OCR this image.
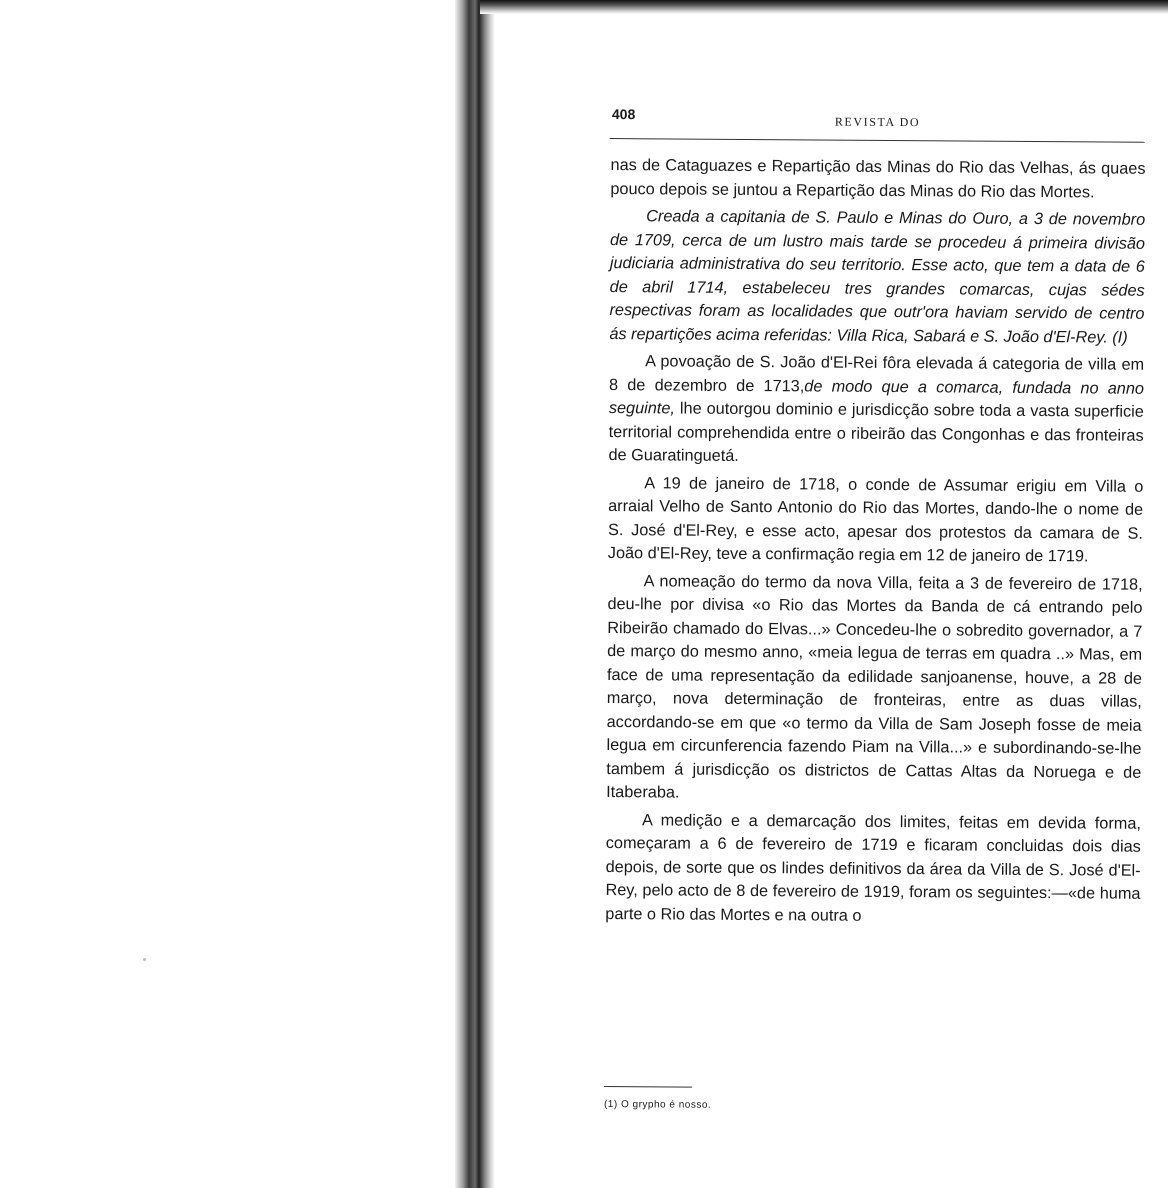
408	REVISTA DO

nas de Cataguazes e Repartição das Minas do Rio das Velhas, ás quaes pouco depois se juntou a Repartição das Minas do Rio das Mortes.

Creada a capitania de S. Paulo e Minas do Ouro, a 3 de novembro de 1709, cerca de um lustro mais tarde se procedeu á primeira divisão judiciaria administrativa do seu territorio. Esse acto, que tem a data de 6 de abril 1714, estabeleceu tres grandes comarcas, cujas sédes respectivas foram as localidades que outr'ora haviam servido de centro ás repartições acima referidas: Villa Rica, Sabará e S. João d'El-Rey. (I)

A povoação de S. João d'El-Rei fôra elevada á categoria de villa em 8 de dezembro de 1713,de modo que a comarca, fundada no anno seguinte, lhe outorgou dominio e jurisdicção sobre toda a vasta superficie territorial comprehendida entre o ribeirão das Congonhas e das fronteiras de Guaratinguetá.

A 19 de janeiro de 1718, o conde de Assumar erigiu em Villa o arraial Velho de Santo Antonio do Rio das Mortes, dando-lhe o nome de S. José d'El-Rey, e esse acto, apesar dos protestos da camara de S. João d'El-Rey, teve a confirmação regia em 12 de janeiro de 1719.

A nomeação do termo da nova Villa, feita a 3 de fevereiro de 1718, deu-lhe por divisa «o Rio das Mortes da Banda de cá entrando pelo Ribeirão chamado do Elvas...» Concedeu-lhe o sobredito governador, a 7 de março do mesmo anno, «meia legua de terras em quadra ..» Mas, em face de uma representação da edilidade sanjoanense, houve, a 28 de março, nova determinação de fronteiras, entre as duas villas, accordando-se em que «o termo da Villa de Sam Joseph fosse de meia legua em circunferencia fazendo Piam na Villa...» e subordinando-se-lhe tambem á jurisdicção os districtos de Cattas Altas da Noruega e de Itaberaba.

A medição e a demarcação dos limites, feitas em devida forma, começaram a 6 de fevereiro de 1719 e ficaram concluidas dois dias depois, de sorte que os lindes definitivos da área da Villa de S. José d'El-Rey, pelo acto de 8 de fevereiro de 1919, foram os seguintes:—«de huma parte o Rio das Mortes e na outra o

(1) O grypho é nosso.
